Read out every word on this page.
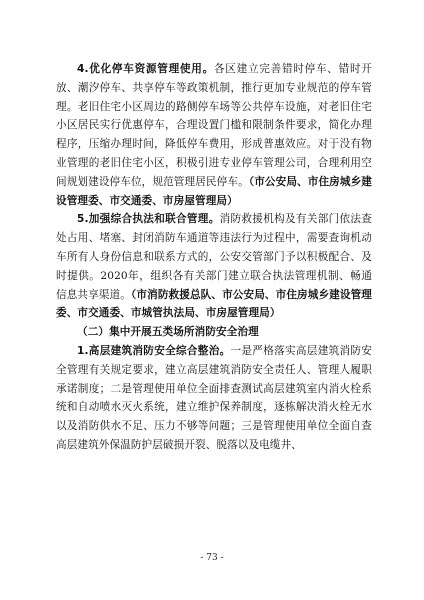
4.优化停车资源管理使用。各区建立完善错时停车、错时开放、潮汐停车、共享停车等政策机制，推行更加专业规范的停车管理。老旧住宅小区周边的路侧停车场等公共停车设施，对老旧住宅小区居民实行优惠停车，合理设置门槛和限制条件要求，简化办理程序，压缩办理时间，降低停车费用，形成普惠效应。对于没有物业管理的老旧住宅小区，积极引进专业停车管理公司，合理利用空间规划建设停车位，规范管理居民停车。（市公安局、市住房城乡建设管理委、市交通委、市房屋管理局）

5.加强综合执法和联合管理。消防救援机构及有关部门依法查处占用、堵塞、封闭消防车通道等违法行为过程中，需要查询机动车所有人身份信息和联系方式的，公安交管部门予以积极配合、及时提供。2020年，组织各有关部门建立联合执法管理机制、畅通信息共享渠道。（市消防救援总队、市公安局、市住房城乡建设管理委、市交通委、市城管执法局、市房屋管理局）

（二）集中开展五类场所消防安全治理

1.高层建筑消防安全综合整治。一是严格落实高层建筑消防安全管理有关规定要求，建立高层建筑消防安全责任人、管理人履职承诺制度；二是管理使用单位全面排查测试高层建筑室内消火栓系统和自动喷水灭火系统，建立维护保养制度，逐栋解决消火栓无水以及消防供水不足、压力不够等问题；三是管理使用单位全面自查高层建筑外保温防护层破损开裂、脱落以及电缆井、

- 73 -
